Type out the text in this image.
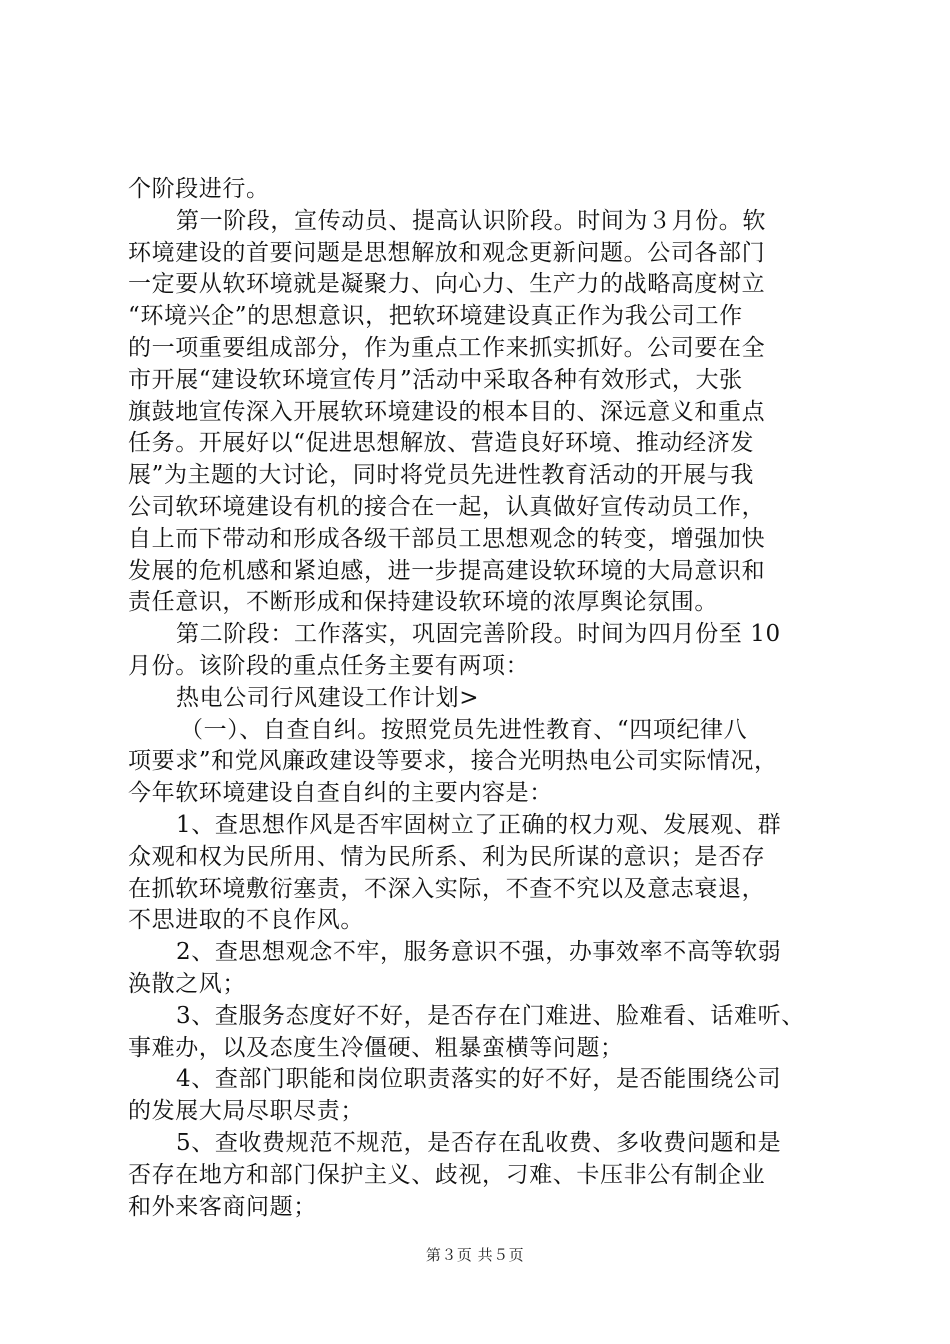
个阶段进行。
第一阶段，宣传动员、提高认识阶段。时间为３月份。软
环境建设的首要问题是思想解放和观念更新问题。公司各部门
一定要从软环境就是凝聚力、向心力、生产力的战略高度树立
“环境兴企”的思想意识，把软环境建设真正作为我公司工作
的一项重要组成部分，作为重点工作来抓实抓好。公司要在全
市开展“建设软环境宣传月”活动中采取各种有效形式，大张
旗鼓地宣传深入开展软环境建设的根本目的、深远意义和重点
任务。开展好以“促进思想解放、营造良好环境、推动经济发
展”为主题的大讨论，同时将党员先进性教育活动的开展与我
公司软环境建设有机的接合在一起，认真做好宣传动员工作，
自上而下带动和形成各级干部员工思想观念的转变，增强加快
发展的危机感和紧迫感，进一步提高建设软环境的大局意识和
责任意识，不断形成和保持建设软环境的浓厚舆论氛围。
第二阶段：工作落实，巩固完善阶段。时间为四月份至 10
月份。该阶段的重点任务主要有两项：
热电公司行风建设工作计划>
（一）、自查自纠。按照党员先进性教育、“四项纪律八
项要求”和党风廉政建设等要求，接合光明热电公司实际情况，
今年软环境建设自查自纠的主要内容是：
1、查思想作风是否牢固树立了正确的权力观、发展观、群
众观和权为民所用、情为民所系、利为民所谋的意识；是否存
在抓软环境敷衍塞责，不深入实际，不查不究以及意志衰退，
不思进取的不良作风。
2、查思想观念不牢，服务意识不强，办事效率不高等软弱
涣散之风；
3、查服务态度好不好，是否存在门难进、脸难看、话难听、
事难办，以及态度生冷僵硬、粗暴蛮横等问题；
4、查部门职能和岗位职责落实的好不好，是否能围绕公司
的发展大局尽职尽责；
5、查收费规范不规范，是否存在乱收费、多收费问题和是
否存在地方和部门保护主义、歧视，刁难、卡压非公有制企业
和外来客商问题；
第３页 共５页
